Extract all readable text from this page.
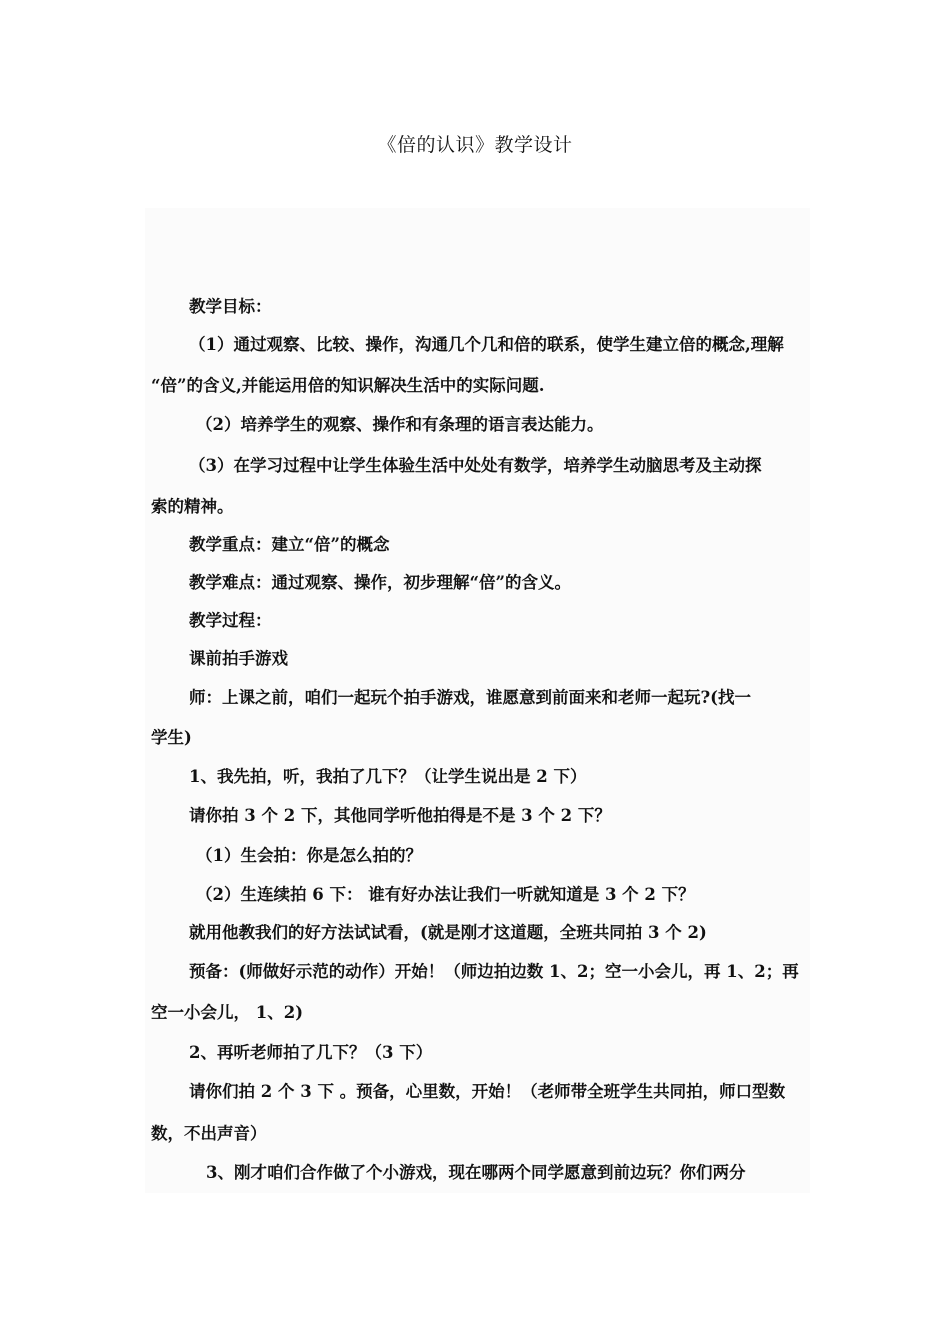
《倍的认识》教学设计
教学目标：
（1）通过观察、比较、操作，沟通几个几和倍的联系，使学生建立倍的概念,理解
“倍”的含义,并能运用倍的知识解决生活中的实际问题.
（2）培养学生的观察、操作和有条理的语言表达能力。
（3）在学习过程中让学生体验生活中处处有数学，培养学生动脑思考及主动探
索的精神。
教学重点：建立“倍”的概念
教学难点：通过观察、操作，初步理解“倍”的含义。
教学过程：
课前拍手游戏
师：上课之前，咱们一起玩个拍手游戏，谁愿意到前面来和老师一起玩?(找一
学生)
1、我先拍，听，我拍了几下？（让学生说出是 2 下）
请你拍 3 个 2 下，其他同学听他拍得是不是 3 个 2 下？
（1）生会拍：你是怎么拍的？
（2）生连续拍 6 下： 谁有好办法让我们一听就知道是 3 个 2 下？
就用他教我们的好方法试试看，(就是刚才这道题，全班共同拍 3 个 2)
预备：(师做好示范的动作）开始！（师边拍边数 1、2；空一小会儿，再 1、2；再
空一小会儿， 1、2)
2、再听老师拍了几下？（3 下）
请你们拍 2 个 3 下 。预备，心里数，开始！（老师带全班学生共同拍，师口型数
数，不出声音）
3、刚才咱们合作做了个小游戏，现在哪两个同学愿意到前边玩？你们两分
